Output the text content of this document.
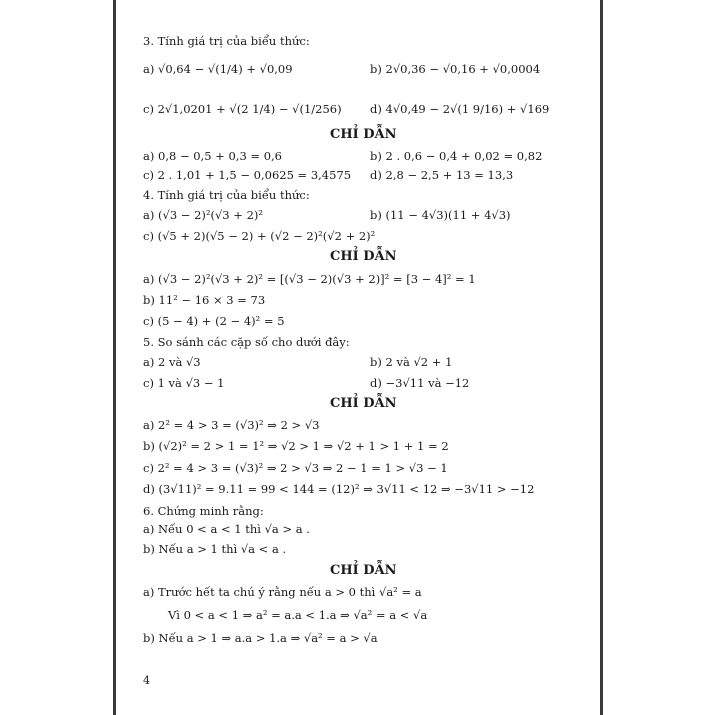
3. Tính giá trị của biểu thức:
a) √0,64 − √(1/4) + √0,09	b) 2√0,36 − √0,16 + √0,0004
c) 2√1,0201 + √(2 1/4) − √(1/256) d) 4√0,49 − 2√(1 9/16) + √169
CHỈ DẪN
a) 0,8 − 0,5 + 0,3 = 0,6	b) 2 . 0,6 − 0,4 + 0,02 = 0,82
c) 2 . 1,01 + 1,5 − 0,0625 = 3,4575 d) 2,8 − 2,5 + 13 = 13,3
4. Tính giá trị của biểu thức:
a) (√3 − 2)²(√3 + 2)²	b) (11 − 4√3)(11 + 4√3)
c) (√5 + 2)(√5 − 2) + (√2 − 2)²(√2 + 2)²
CHỈ DẪN
a) (√3 − 2)²(√3 + 2)² = [(√3 − 2)(√3 + 2)]² = [3 − 4]² = 1
b) 11² − 16 × 3 = 73
c) (5 − 4) + (2 − 4)² = 5
5. So sánh các cặp số cho dưới đây:
a) 2 và √3	b) 2 và √2 + 1
c) 1 và √3 − 1	d) −3√11 và −12
CHỈ DẪN
a) 2² = 4 > 3 = (√3)² ⇒ 2 > √3
b) (√2)² = 2 > 1 = 1² ⇒ √2 > 1 ⇒ √2 + 1 > 1 + 1 = 2
c) 2² = 4 > 3 = (√3)² ⇒ 2 > √3 ⇒ 2 − 1 = 1 > √3 − 1
d) (3√11)² = 9.11 = 99 < 144 = (12)² ⇒ 3√11 < 12 ⇒ −3√11 > −12
6. Chứng minh rằng:
a) Nếu 0 < a < 1 thì √a > a .
b) Nếu a > 1 thì √a < a .
CHỈ DẪN
a) Trước hết ta chú ý rằng nếu a > 0 thì √a² = a
Vì 0 < a < 1 ⇒ a² = a.a < 1.a ⇒ √a² = a < √a
b) Nếu a > 1 ⇒ a.a > 1.a ⇒ √a² = a > √a
4
